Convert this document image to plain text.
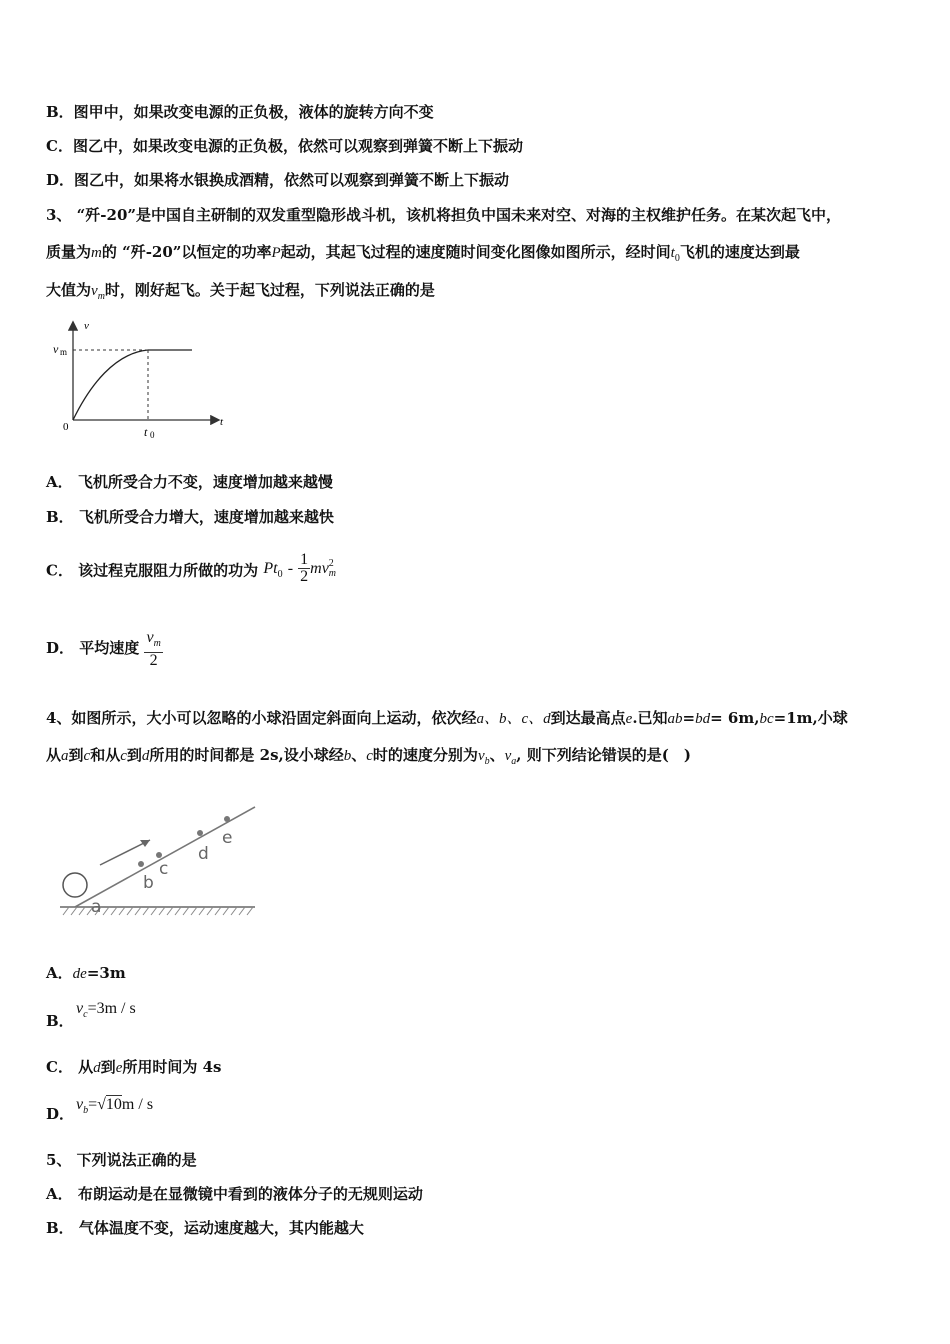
B．图甲中，如果改变电源的正负极，液体的旋转方向不变
C．图乙中，如果改变电源的正负极，依然可以观察到弹簧不断上下振动
D．图乙中，如果将水银换成酒精，依然可以观察到弹簧不断上下振动
3、 “歼-20”是中国自主研制的双发重型隐形战斗机，该机将担负中国未来对空、对海的主权维护任务。在某次起飞中，
质量为m的 “歼-20”以恒定的功率P起动，其起飞过程的速度随时间变化图像如图所示，经时间$t_0$飞机的速度达到最
大值为$v_m$时，刚好起飞。关于起飞过程，下列说法正确的是
v
t
v m
0	t 0
A． 飞机所受合力不变，速度增加越来越慢
B． 飞机所受合力增大，速度增加越来越快
C． 该过程克服阻力所做的功为 $Pt_0 - \frac{1}{2}$ mv 2
m
D． 平均速度 $\frac{v_m}{2}$
4、如图所示，大小可以忽略的小球沿固定斜面向上运动，依次经a、b、c、d到达最高点e.已知ab=bd= 6m,bc=1m,小球
从a到c和从c到d所用的时间都是 2s,设小球经b、c时的速度分别为$v_b$、$v_a$, 则下列结论错误的是(　)
a
b
c
d
e
A．de=3m
B．
$v_c=3m / s$
C． 从d到e所用时间为 4s
D．
$v_b=√10m / s$
5、 下列说法正确的是
A． 布朗运动是在显微镜中看到的液体分子的无规则运动
B． 气体温度不变，运动速度越大，其内能越大
